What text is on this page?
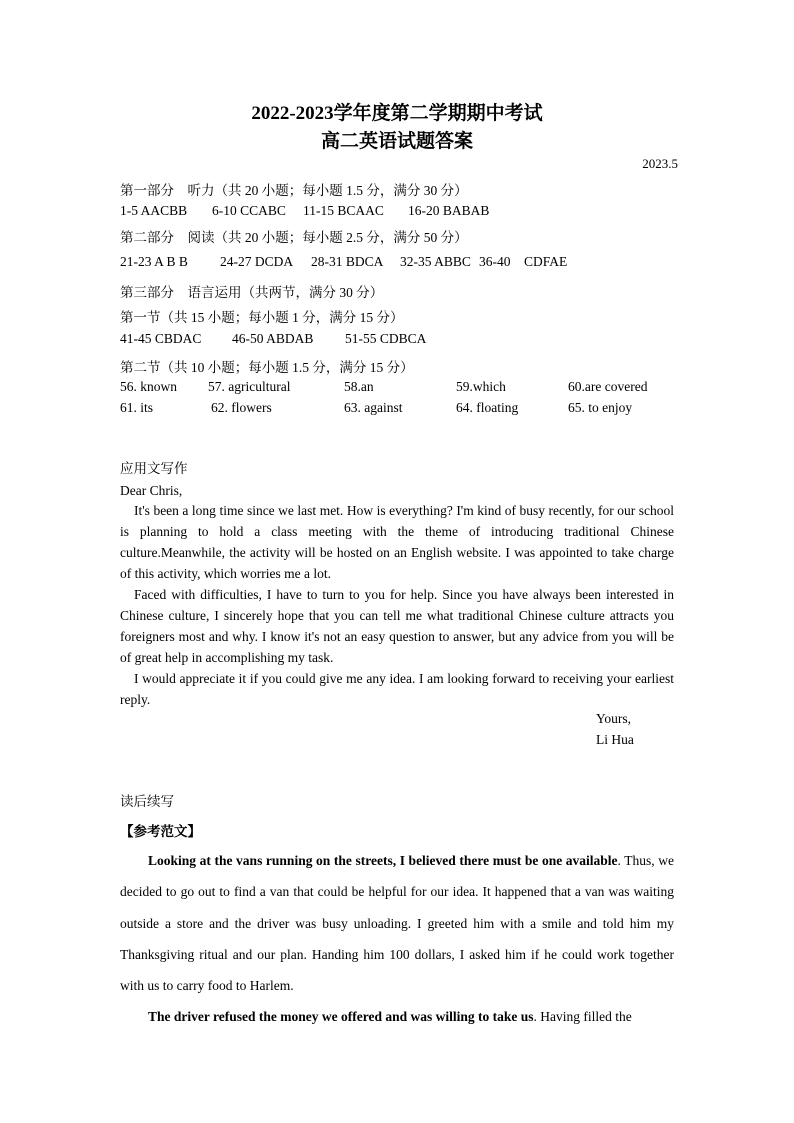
2022-2023学年度第二学期期中考试
高二英语试题答案
2023.5
第一部分    听力（共 20 小题；每小题 1.5 分，满分 30 分）
1-5 AACBB 6-10 CCABC 11-15 BCAAC 16-20 BABAB
第二部分    阅读（共 20 小题；每小题 2.5 分，满分 50 分）
21-23 A B B 24-27 DCDA 28-31 BDCA 32-35 ABBC 36-40    CDFAE
第三部分    语言运用（共两节，满分 30 分）
第一节（共 15 小题；每小题 1 分，满分 15 分）
41-45 CBDAC 46-50 ABDAB 51-55 CDBCA
第二节（共 10 小题；每小题 1.5 分，满分 15 分）
56. known 57. agricultural	58.an	59.which	60.are covered
61. its	62. flowers	63. against	64. floating	65. to enjoy
应用文写作
Dear Chris,

It's been a long time since we last met. How is everything? I'm kind of busy recently, for our school is planning to hold a class meeting with the theme of introducing traditional Chinese culture.Meanwhile, the activity will be hosted on an English website. I was appointed to take charge of this activity, which worries me a lot.

Faced with difficulties, I have to turn to you for help. Since you have always been interested in Chinese culture, I sincerely hope that you can tell me what traditional Chinese culture attracts you foreigners most and why. I know it's not an easy question to answer, but any advice from you will be of great help in accomplishing my task.

I would appreciate it if you could give me any idea. I am looking forward to receiving your earliest reply.

Yours,
Li Hua
读后续写
【参考范文】

Looking at the vans running on the streets, I believed there must be one available. Thus, we decided to go out to find a van that could be helpful for our idea. It happened that a van was waiting outside a store and the driver was busy unloading. I greeted him with a smile and told him my Thanksgiving ritual and our plan. Handing him 100 dollars, I asked him if he could work together with us to carry food to Harlem.

The driver refused the money we offered and was willing to take us. Having filled the
